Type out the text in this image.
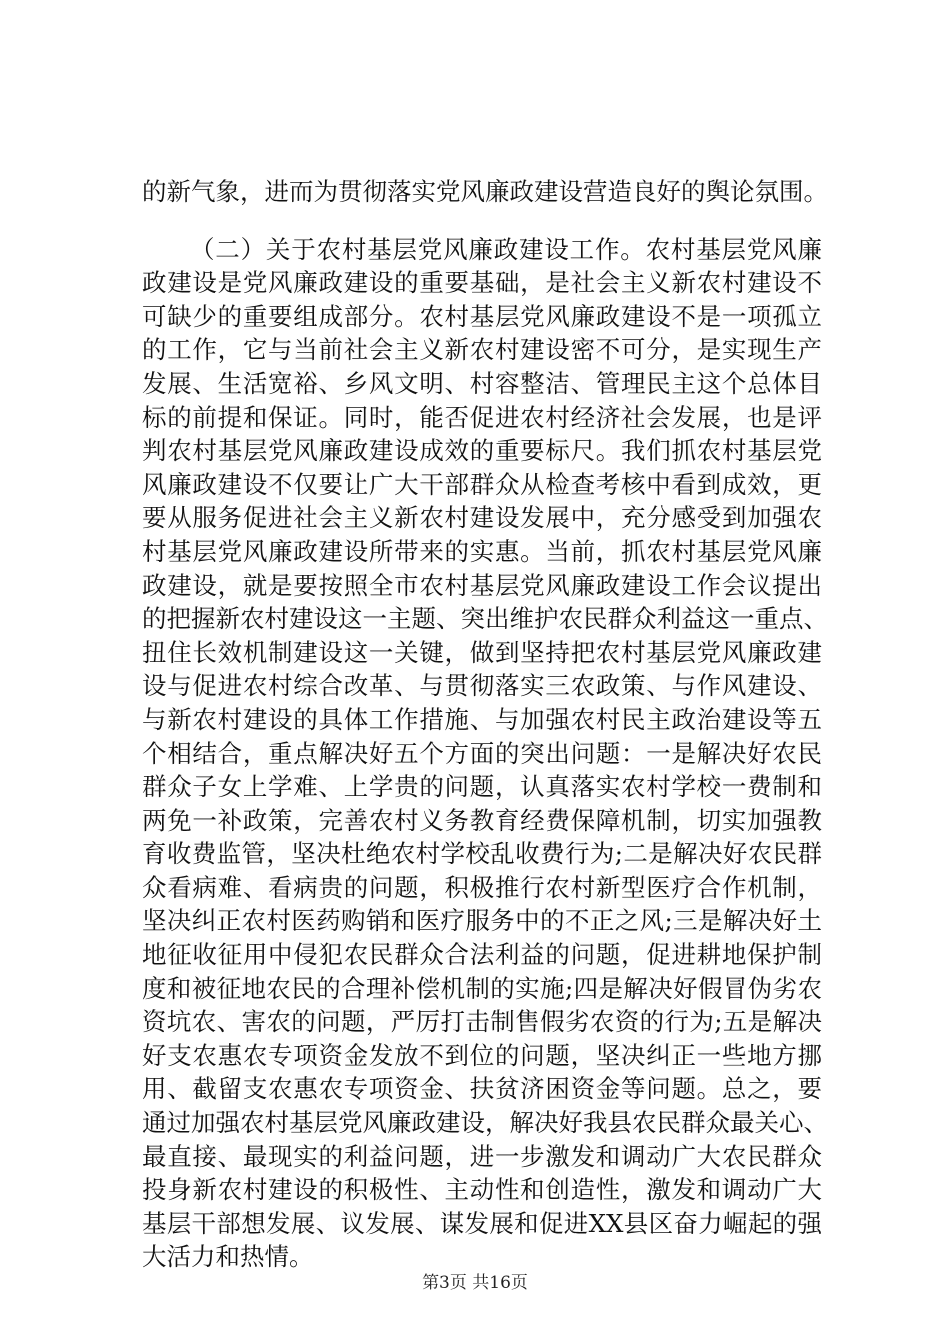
的新气象，进而为贯彻落实党风廉政建设营造良好的舆论氛围。
（二）关于农村基层党风廉政建设工作。农村基层党风廉
政建设是党风廉政建设的重要基础，是社会主义新农村建设不
可缺少的重要组成部分。农村基层党风廉政建设不是一项孤立
的工作，它与当前社会主义新农村建设密不可分，是实现生产
发展、生活宽裕、乡风文明、村容整洁、管理民主这个总体目
标的前提和保证。同时，能否促进农村经济社会发展，也是评
判农村基层党风廉政建设成效的重要标尺。我们抓农村基层党
风廉政建设不仅要让广大干部群众从检查考核中看到成效，更
要从服务促进社会主义新农村建设发展中，充分感受到加强农
村基层党风廉政建设所带来的实惠。当前，抓农村基层党风廉
政建设，就是要按照全市农村基层党风廉政建设工作会议提出
的把握新农村建设这一主题、突出维护农民群众利益这一重点、
扭住长效机制建设这一关键，做到坚持把农村基层党风廉政建
设与促进农村综合改革、与贯彻落实三农政策、与作风建设、
与新农村建设的具体工作措施、与加强农村民主政治建设等五
个相结合，重点解决好五个方面的突出问题：一是解决好农民
群众子女上学难、上学贵的问题，认真落实农村学校一费制和
两免一补政策，完善农村义务教育经费保障机制，切实加强教
育收费监管，坚决杜绝农村学校乱收费行为;二是解决好农民群
众看病难、看病贵的问题，积极推行农村新型医疗合作机制，
坚决纠正农村医药购销和医疗服务中的不正之风;三是解决好土
地征收征用中侵犯农民群众合法利益的问题，促进耕地保护制
度和被征地农民的合理补偿机制的实施;四是解决好假冒伪劣农
资坑农、害农的问题，严厉打击制售假劣农资的行为;五是解决
好支农惠农专项资金发放不到位的问题，坚决纠正一些地方挪
用、截留支农惠农专项资金、扶贫济困资金等问题。总之，要
通过加强农村基层党风廉政建设，解决好我县农民群众最关心、
最直接、最现实的利益问题，进一步激发和调动广大农民群众
投身新农村建设的积极性、主动性和创造性，激发和调动广大
基层干部想发展、议发展、谋发展和促进XX县区奋力崛起的强
大活力和热情。
第3页 共16页
